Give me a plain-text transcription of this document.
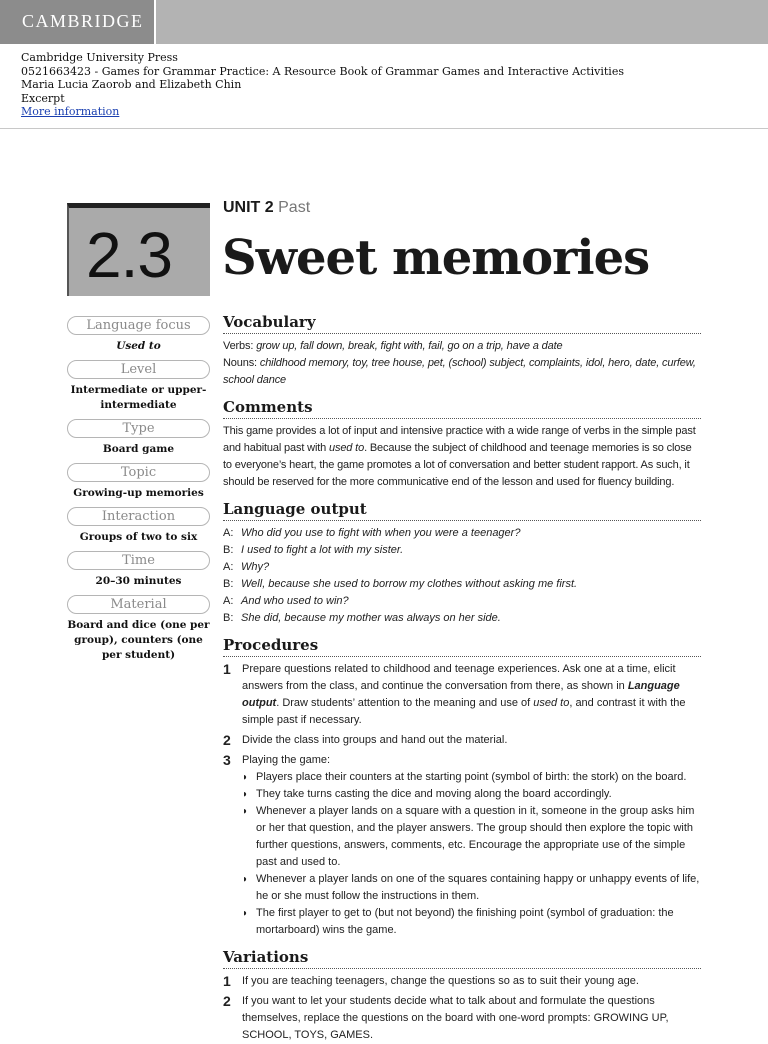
CAMBRIDGE
Cambridge University Press
0521663423 - Games for Grammar Practice: A Resource Book of Grammar Games and Interactive Activities
Maria Lucia Zaorob and Elizabeth Chin
Excerpt
More information
2.3
UNIT 2 Past
Sweet memories
Language focus
Used to
Level
Intermediate or upper-intermediate
Type
Board game
Topic
Growing-up memories
Interaction
Groups of two to six
Time
20–30 minutes
Material
Board and dice (one per group), counters (one per student)
Vocabulary
Verbs: grow up, fall down, break, fight with, fail, go on a trip, have a date
Nouns: childhood memory, toy, tree house, pet, (school) subject, complaints, idol, hero, date, curfew, school dance
Comments
This game provides a lot of input and intensive practice with a wide range of verbs in the simple past and habitual past with used to. Because the subject of childhood and teenage memories is so close to everyone’s heart, the game promotes a lot of conversation and better student rapport. As such, it should be reserved for the more communicative end of the lesson and used for fluency building.
Language output
A: Who did you use to fight with when you were a teenager?
B: I used to fight a lot with my sister.
A: Why?
B: Well, because she used to borrow my clothes without asking me first.
A: And who used to win?
B: She did, because my mother was always on her side.
Procedures
1 Prepare questions related to childhood and teenage experiences. Ask one at a time, elicit answers from the class, and continue the conversation from there, as shown in Language output. Draw students’ attention to the meaning and use of used to, and contrast it with the simple past if necessary.
2 Divide the class into groups and hand out the material.
3 Playing the game:
◗ Players place their counters at the starting point (symbol of birth: the stork) on the board.
◗ They take turns casting the dice and moving along the board accordingly.
◗ Whenever a player lands on a square with a question in it, someone in the group asks him or her that question, and the player answers. The group should then explore the topic with further questions, answers, comments, etc. Encourage the appropriate use of the simple past and used to.
◗ Whenever a player lands on one of the squares containing happy or unhappy events of life, he or she must follow the instructions in them.
◗ The first player to get to (but not beyond) the finishing point (symbol of graduation: the mortarboard) wins the game.
Variations
1 If you are teaching teenagers, change the questions so as to suit their young age.
2 If you want to let your students decide what to talk about and formulate the questions themselves, replace the questions on the board with one-word prompts: GROWING UP, SCHOOL, TOYS, GAMES.
